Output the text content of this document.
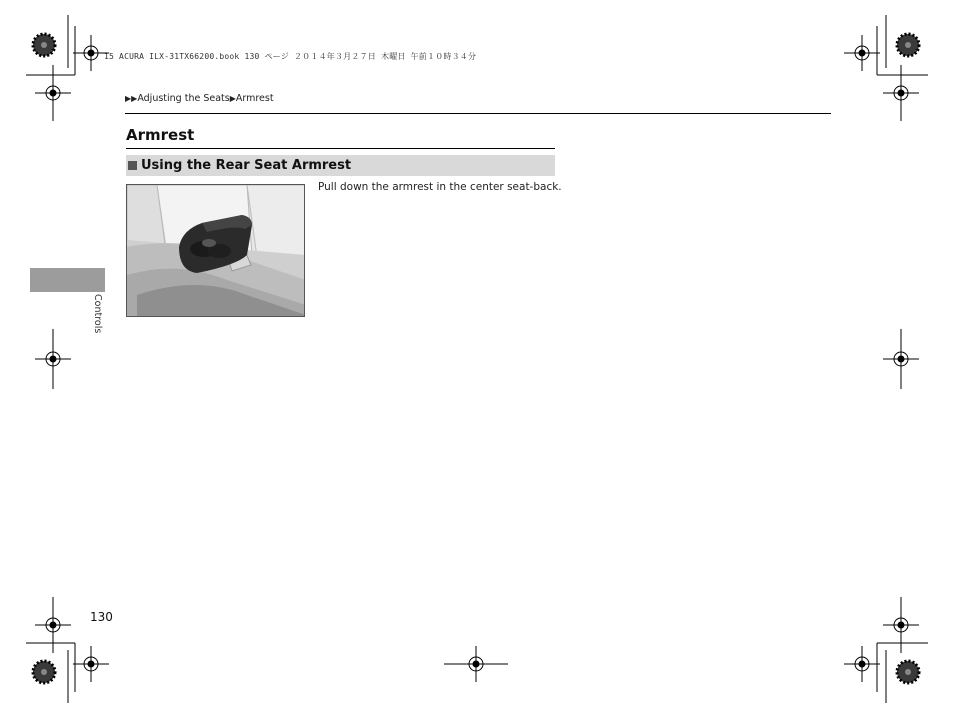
15 ACURA ILX-31TX66200.book 130 ページ ２０１４年３月２７日 木曜日 午前１０時３４分
▶▶Adjusting the Seats▶Armrest
Armrest
Using the Rear Seat Armrest
Pull down the armrest in the center seat-back.
Controls
130
